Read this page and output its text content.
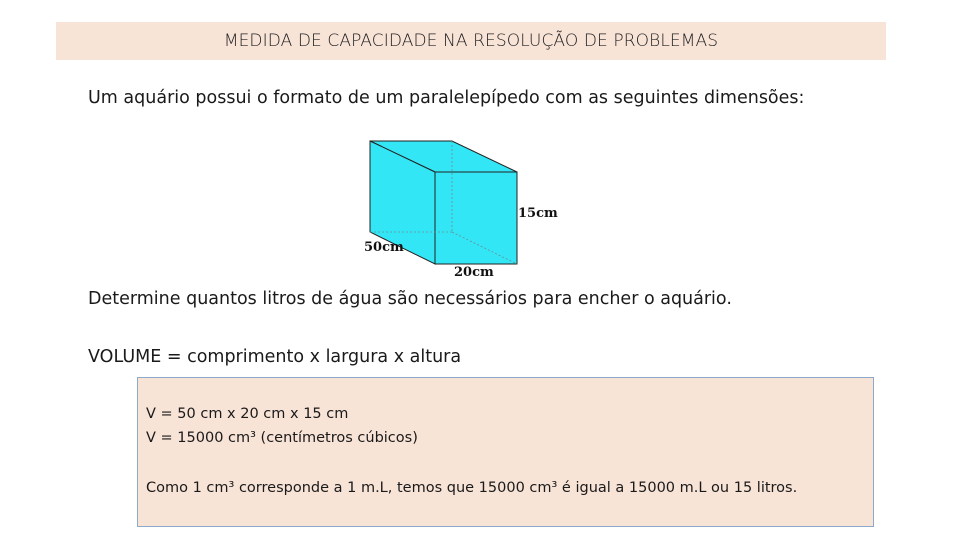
MEDIDA DE CAPACIDADE NA RESOLUÇÃO DE PROBLEMAS
Um aquário possui o formato de um paralelepípedo com as seguintes dimensões:
15cm
50cm
20cm
Determine quantos litros de água são necessários para encher o aquário.
VOLUME = comprimento x largura x altura
V = 50 cm x 20 cm x 15 cm
V = 15000 cm³ (centímetros cúbicos)
Como 1 cm³ corresponde a 1 m.L, temos que 15000 cm³ é igual a 15000 m.L ou 15 litros.
